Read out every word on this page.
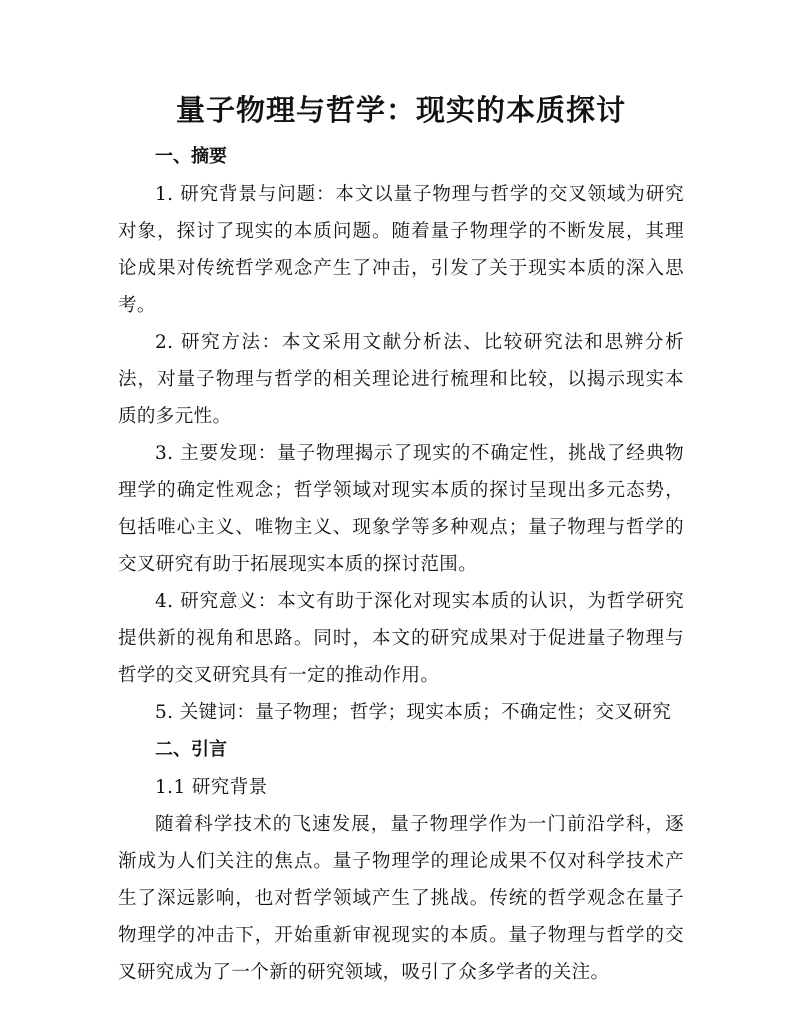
量子物理与哲学：现实的本质探讨

一、摘要

1. 研究背景与问题：本文以量子物理与哲学的交叉领域为研究对象，探讨了现实的本质问题。随着量子物理学的不断发展，其理论成果对传统哲学观念产生了冲击，引发了关于现实本质的深入思考。

2. 研究方法：本文采用文献分析法、比较研究法和思辨分析法，对量子物理与哲学的相关理论进行梳理和比较，以揭示现实本质的多元性。

3. 主要发现：量子物理揭示了现实的不确定性，挑战了经典物理学的确定性观念；哲学领域对现实本质的探讨呈现出多元态势，包括唯心主义、唯物主义、现象学等多种观点；量子物理与哲学的交叉研究有助于拓展现实本质的探讨范围。

4. 研究意义：本文有助于深化对现实本质的认识，为哲学研究提供新的视角和思路。同时，本文的研究成果对于促进量子物理与哲学的交叉研究具有一定的推动作用。

5. 关键词：量子物理；哲学；现实本质；不确定性；交叉研究

二、引言

1.1 研究背景

随着科学技术的飞速发展，量子物理学作为一门前沿学科，逐渐成为人们关注的焦点。量子物理学的理论成果不仅对科学技术产生了深远影响，也对哲学领域产生了挑战。传统的哲学观念在量子物理学的冲击下，开始重新审视现实的本质。量子物理与哲学的交叉研究成为了一个新的研究领域，吸引了众多学者的关注。
